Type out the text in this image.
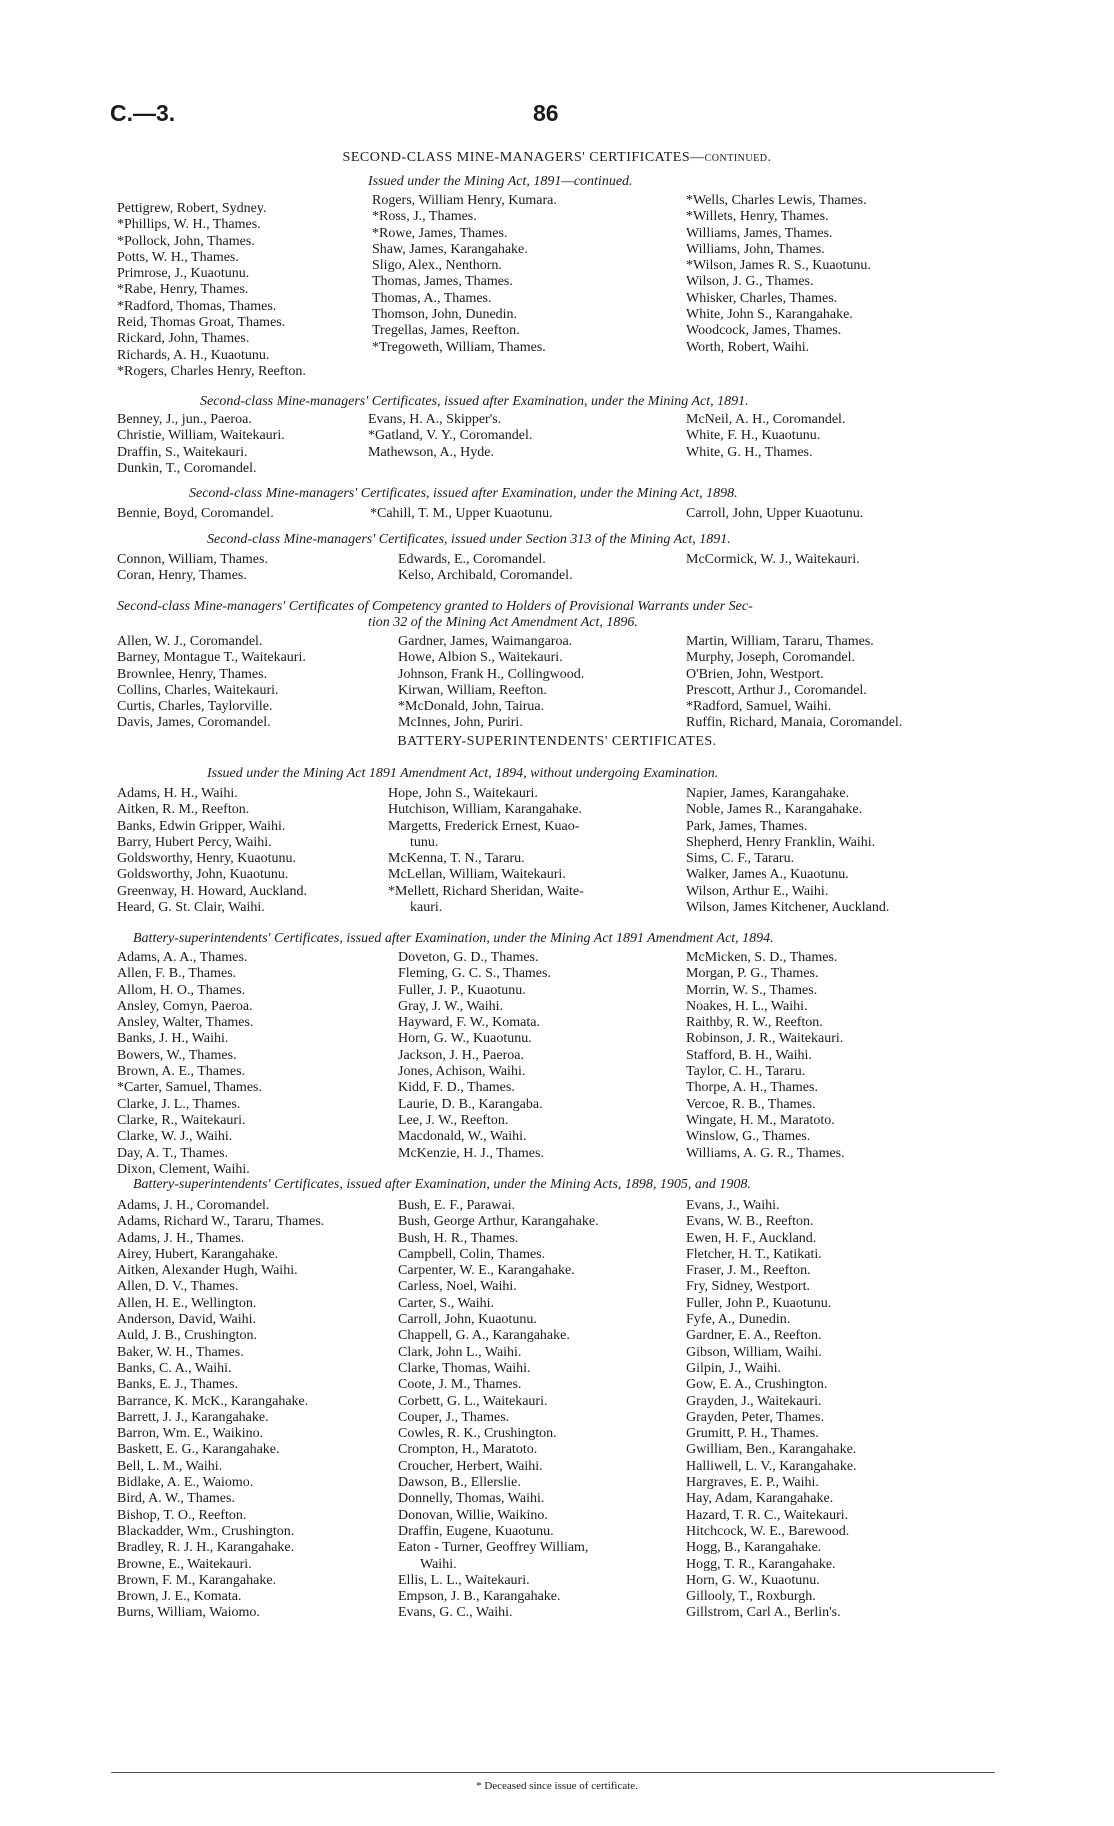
C.—3.	86
SECOND-CLASS MINE-MANAGERS' CERTIFICATES—continued.
Issued under the Mining Act, 1891—continued.
Pettigrew, Robert, Sydney.
*Phillips, W. H., Thames.
*Pollock, John, Thames.
Potts, W. H., Thames.
Primrose, J., Kuaotunu.
*Rabe, Henry, Thames.
*Radford, Thomas, Thames.
Reid, Thomas Groat, Thames.
Rickard, John, Thames.
Richards, A. H., Kuaotunu.
*Rogers, Charles Henry, Reefton.
Rogers, William Henry, Kumara.
*Ross, J., Thames.
*Rowe, James, Thames.
Shaw, James, Karangahake.
Sligo, Alex., Nenthorn.
Thomas, James, Thames.
Thomas, A., Thames.
Thomson, John, Dunedin.
Tregellas, James, Reefton.
*Tregoweth, William, Thames.
*Wells, Charles Lewis, Thames.
*Willets, Henry, Thames.
Williams, James, Thames.
Williams, John, Thames.
*Wilson, James R. S., Kuaotunu.
Wilson, J. G., Thames.
Whisker, Charles, Thames.
White, John S., Karangahake.
Woodcock, James, Thames.
Worth, Robert, Waihi.
Second-class Mine-managers' Certificates, issued after Examination, under the Mining Act, 1891.
Benney, J., jun., Paeroa.
Christie, William, Waitekauri.
Draffin, S., Waitekauri.
Dunkin, T., Coromandel.
Evans, H. A., Skipper's.
*Gatland, V. Y., Coromandel.
Mathewson, A., Hyde.
McNeil, A. H., Coromandel.
White, F. H., Kuaotunu.
White, G. H., Thames.
Second-class Mine-managers' Certificates, issued after Examination, under the Mining Act, 1898.
Bennie, Boyd, Coromandel.	*Cahill, T. M., Upper Kuaotunu.	Carroll, John, Upper Kuaotunu.
Second-class Mine-managers' Certificates, issued under Section 313 of the Mining Act, 1891.
Connon, William, Thames.
Coran, Henry, Thames.
Edwards, E., Coromandel.
Kelso, Archibald, Coromandel.
McCormick, W. J., Waitekauri.
Second-class Mine-managers' Certificates of Competency granted to Holders of Provisional Warrants under Sec-
tion 32 of the Mining Act Amendment Act, 1896.
Allen, W. J., Coromandel.
Barney, Montague T., Waitekauri.
Brownlee, Henry, Thames.
Collins, Charles, Waitekauri.
Curtis, Charles, Taylorville.
Davis, James, Coromandel.
Gardner, James, Waimangaroa.
Howe, Albion S., Waitekauri.
Johnson, Frank H., Collingwood.
Kirwan, William, Reefton.
*McDonald, John, Tairua.
McInnes, John, Puriri.
Martin, William, Tararu, Thames.
Murphy, Joseph, Coromandel.
O'Brien, John, Westport.
Prescott, Arthur J., Coromandel.
*Radford, Samuel, Waihi.
Ruffin, Richard, Manaia, Coromandel.
BATTERY-SUPERINTENDENTS' CERTIFICATES.
Issued under the Mining Act 1891 Amendment Act, 1894, without undergoing Examination.
Adams, H. H., Waihi.
Aitken, R. M., Reefton.
Banks, Edwin Gripper, Waihi.
Barry, Hubert Percy, Waihi.
Goldsworthy, Henry, Kuaotunu.
Goldsworthy, John, Kuaotunu.
Greenway, H. Howard, Auckland.
Heard, G. St. Clair, Waihi.
Hope, John S., Waitekauri.
Hutchison, William, Karangahake.
Margetts, Frederick Ernest, Kuao-
tunu.
McKenna, T. N., Tararu.
McLellan, William, Waitekauri.
*Mellett, Richard Sheridan, Waite-
kauri.
Napier, James, Karangahake.
Noble, James R., Karangahake.
Park, James, Thames.
Shepherd, Henry Franklin, Waihi.
Sims, C. F., Tararu.
Walker, James A., Kuaotunu.
Wilson, Arthur E., Waihi.
Wilson, James Kitchener, Auckland.
Battery-superintendents' Certificates, issued after Examination, under the Mining Act 1891 Amendment Act, 1894.
Adams, A. A., Thames.
Allen, F. B., Thames.
Allom, H. O., Thames.
Ansley, Comyn, Paeroa.
Ansley, Walter, Thames.
Banks, J. H., Waihi.
Bowers, W., Thames.
Brown, A. E., Thames.
*Carter, Samuel, Thames.
Clarke, J. L., Thames.
Clarke, R., Waitekauri.
Clarke, W. J., Waihi.
Day, A. T., Thames.
Dixon, Clement, Waihi.
Doveton, G. D., Thames.
Fleming, G. C. S., Thames.
Fuller, J. P., Kuaotunu.
Gray, J. W., Waihi.
Hayward, F. W., Komata.
Horn, G. W., Kuaotunu.
Jackson, J. H., Paeroa.
Jones, Achison, Waihi.
Kidd, F. D., Thames.
Laurie, D. B., Karangaba.
Lee, J. W., Reefton.
Macdonald, W., Waihi.
McKenzie, H. J., Thames.
McMicken, S. D., Thames.
Morgan, P. G., Thames.
Morrin, W. S., Thames.
Noakes, H. L., Waihi.
Raithby, R. W., Reefton.
Robinson, J. R., Waitekauri.
Stafford, B. H., Waihi.
Taylor, C. H., Tararu.
Thorpe, A. H., Thames.
Vercoe, R. B., Thames.
Wingate, H. M., Maratoto.
Winslow, G., Thames.
Williams, A. G. R., Thames.
Battery-superintendents' Certificates, issued after Examination, under the Mining Acts, 1898, 1905, and 1908.
Adams, J. H., Coromandel.
Adams, Richard W., Tararu, Thames.
Adams, J. H., Thames.
Airey, Hubert, Karangahake.
Aitken, Alexander Hugh, Waihi.
Allen, D. V., Thames.
Allen, H. E., Wellington.
Anderson, David, Waihi.
Auld, J. B., Crushington.
Baker, W. H., Thames.
Banks, C. A., Waihi.
Banks, E. J., Thames.
Barrance, K. McK., Karangahake.
Barrett, J. J., Karangahake.
Barron, Wm. E., Waikino.
Baskett, E. G., Karangahake.
Bell, L. M., Waihi.
Bidlake, A. E., Waiomo.
Bird, A. W., Thames.
Bishop, T. O., Reefton.
Blackadder, Wm., Crushington.
Bradley, R. J. H., Karangahake.
Browne, E., Waitekauri.
Brown, F. M., Karangahake.
Brown, J. E., Komata.
Burns, William, Waiomo.
Bush, E. F., Parawai.
Bush, George Arthur, Karangahake.
Bush, H. R., Thames.
Campbell, Colin, Thames.
Carpenter, W. E., Karangahake.
Carless, Noel, Waihi.
Carter, S., Waihi.
Carroll, John, Kuaotunu.
Chappell, G. A., Karangahake.
Clark, John L., Waihi.
Clarke, Thomas, Waihi.
Coote, J. M., Thames.
Corbett, G. L., Waitekauri.
Couper, J., Thames.
Cowles, R. K., Crushington.
Crompton, H., Maratoto.
Croucher, Herbert, Waihi.
Dawson, B., Ellerslie.
Donnelly, Thomas, Waihi.
Donovan, Willie, Waikino.
Draffin, Eugene, Kuaotunu.
Eaton - Turner, Geoffrey William,
Waihi.
Ellis, L. L., Waitekauri.
Empson, J. B., Karangahake.
Evans, G. C., Waihi.
Evans, J., Waihi.
Evans, W. B., Reefton.
Ewen, H. F., Auckland.
Fletcher, H. T., Katikati.
Fraser, J. M., Reefton.
Fry, Sidney, Westport.
Fuller, John P., Kuaotunu.
Fyfe, A., Dunedin.
Gardner, E. A., Reefton.
Gibson, William, Waihi.
Gilpin, J., Waihi.
Gow, E. A., Crushington.
Grayden, J., Waitekauri.
Grayden, Peter, Thames.
Grumitt, P. H., Thames.
Gwilliam, Ben., Karangahake.
Halliwell, L. V., Karangahake.
Hargraves, E. P., Waihi.
Hay, Adam, Karangahake.
Hazard, T. R. C., Waitekauri.
Hitchcock, W. E., Barewood.
Hogg, B., Karangahake.
Hogg, T. R., Karangahake.
Horn, G. W., Kuaotunu.
Gillooly, T., Roxburgh.
Gillstrom, Carl A., Berlin's.
* Deceased since issue of certificate.
